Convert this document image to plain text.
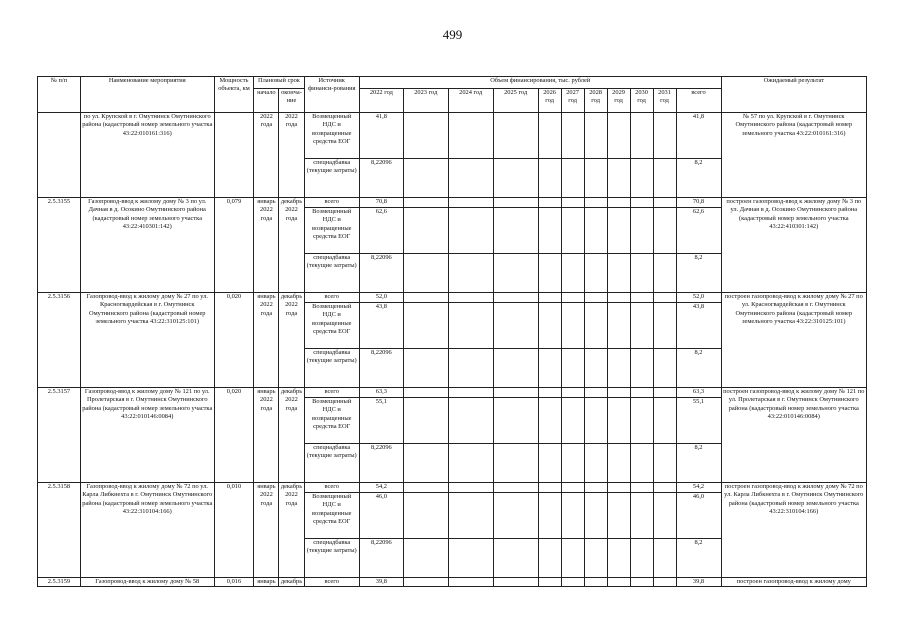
499
№ п/п	Наименование мероприятия	Мощность объекта, км	Плановый срок		Источник финанси-рования	Объем финансирования, тыс. рублей											Ожидаемый результат
			начало	оконча-ние		2022 год	2023 год	2024 год	2025 год	2026 год	2027 год	2028 год	2029 год	2030 год	2031 год	всего	

	по ул. Крупской в г. Омутнинск Омутнинского района (кадастровый номер земельного участка 43:22:010161:316)		2022 года	2022 года	Возмещенный НДС и возвращенные средства ЕОГ	41,8										41,8	№ 57 по ул. Крупской в г. Омутнинск Омутнинского района (кадастровый номер земельного участка 43:22:010161:316)
					спецнадбавка (текущие затраты)	8,22096										8,2	
2.5.3155	Газопровод-ввод к жилому дому № 3 по ул. Дачная в д. Осокино Омутнинского района (кадастровый номер земельного участка 43:22:410301:142)	0,079	январь 2022 года	декабрь 2022 года	всего	70,8										70,8	построен газопровод-ввод к жилому дому № 3 по ул. Дачная в д. Осокино Омутнинского района (кадастровый номер земельного участка 43:22:410301:142)
					Возмещенный НДС и возвращенные средства ЕОГ	62,6										62,6	
					спецнадбавка (текущие затраты)	8,22096										8,2	
2.5.3156	Газопровод-ввод к жилому дому № 27 по ул. Красногвардейская в г. Омутнинск Омутнинского района (кадастровый номер земельного участка 43:22:310125:101)	0,020	январь 2022 года	декабрь 2022 года	всего	52,0										52,0	построен газопровод-ввод к жилому дому № 27 по ул. Красногвардейская в г. Омутнинск Омутнинского района (кадастровый номер земельного участка 43:22:310125:101)
					Возмещенный НДС и возвращенные средства ЕОГ	43,8										43,8	
					спецнадбавка (текущие затраты)	8,22096										8,2	
2.5.3157	Газопровод-ввод к жилому дому № 121 по ул. Пролетарская в г. Омутнинск Омутнинского района (кадастровый номер земельного участка 43:22:010146:0084)	0,020	январь 2022 года	декабрь 2022 года	всего	63,3										63,3	построен газопровод-ввод к жилому дому № 121 по ул. Пролетарская в г. Омутнинск Омутнинского района (кадастровый номер земельного участка 43:22:010146:0084)
					Возмещенный НДС и возвращенные средства ЕОГ	55,1										55,1	
					спецнадбавка (текущие затраты)	8,22096										8,2	
2.5.3158	Газопровод-ввод к жилому дому № 72 по ул. Карла Либкнехта в г. Омутнинск Омутнинского района (кадастровый номер земельного участка 43:22:310104:166)	0,010	январь 2022 года	декабрь 2022 года	всего	54,2										54,2	построен газопровод-ввод к жилому дому № 72 по ул. Карла Либкнехта в г. Омутнинск Омутнинского района (кадастровый номер земельного участка 43:22:310104:166)
					Возмещенный НДС и возвращенные средства ЕОГ	46,0										46,0	
					спецнадбавка (текущие затраты)	8,22096										8,2	
2.5.3159	Газопровод-ввод к жилому дому № 58	0,016	январь	декабрь	всего	39,8										39,8	построен газопровод-ввод к жилому дому
